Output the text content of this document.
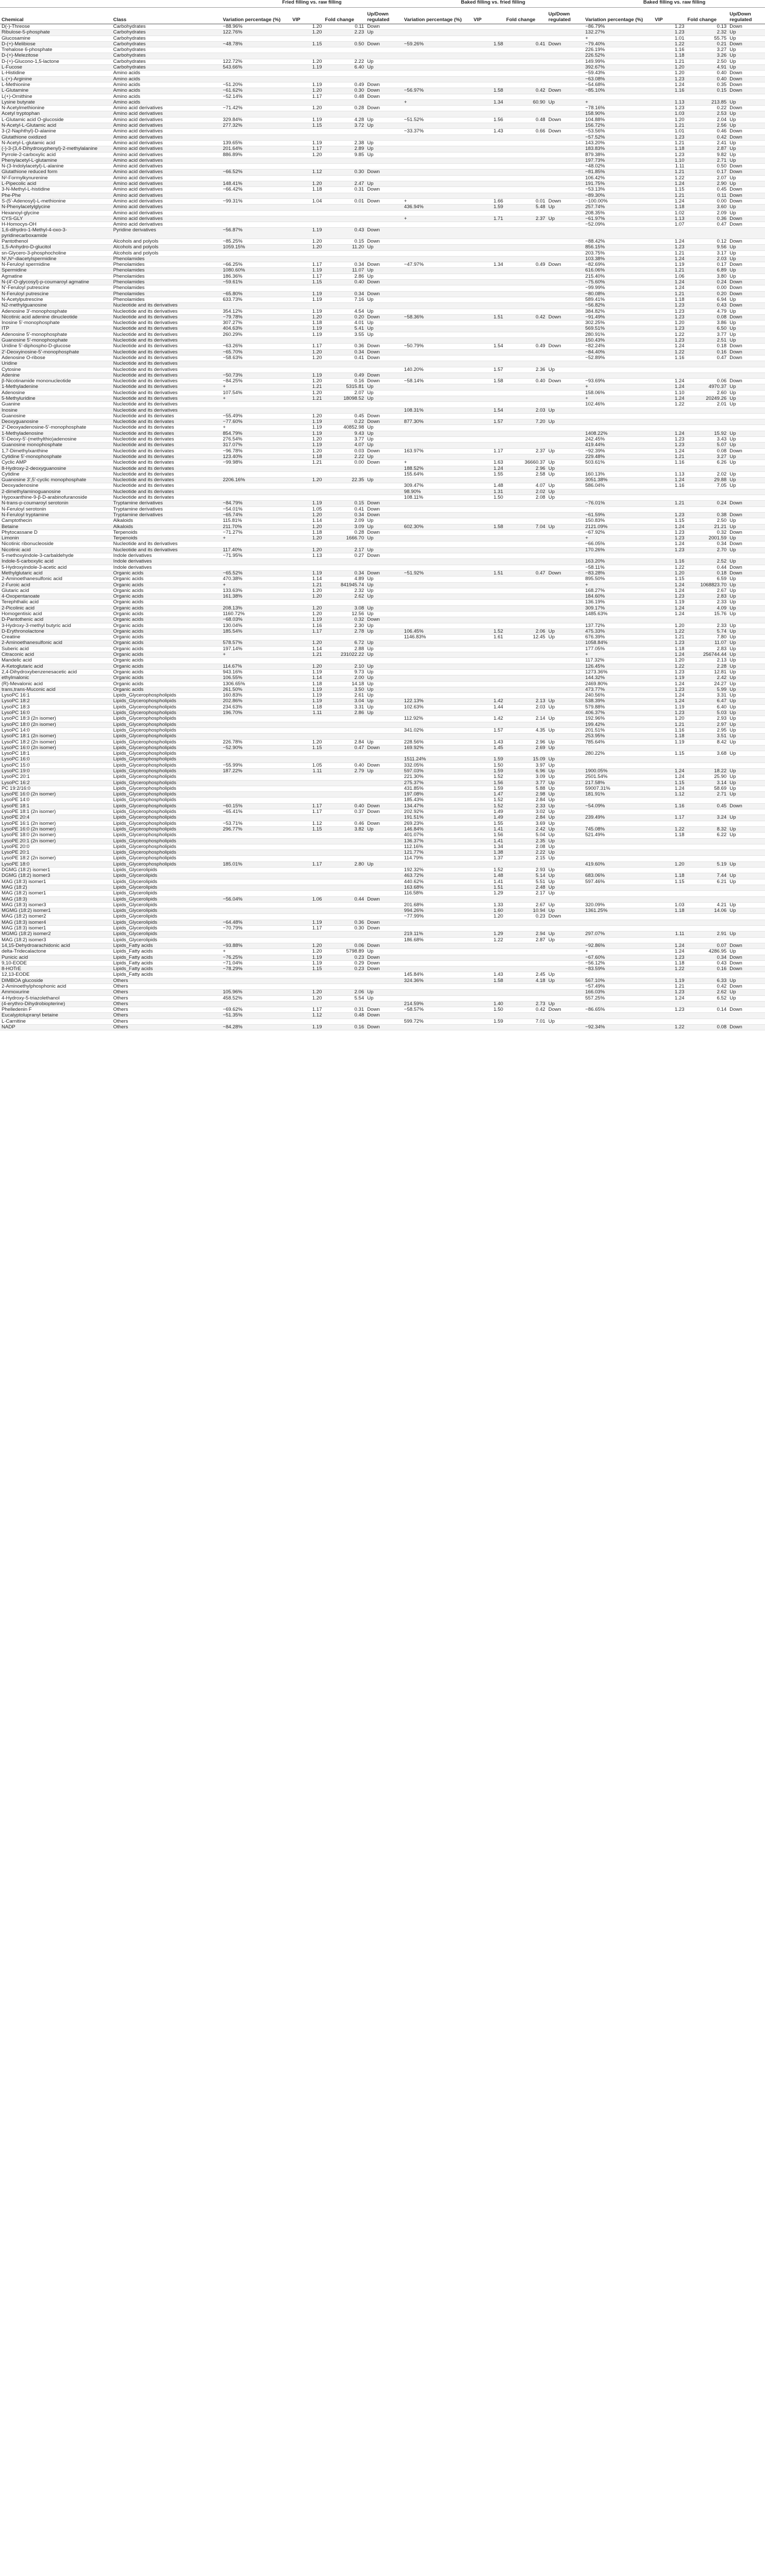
		Fried filling vs. raw filling				Baked filling vs. fried filling				Baked filling vs. raw filling			
Chemical	Class	Variation percentage (%)	VIP	Fold change	Up/Down regulated	Variation percentage (%)	VIP	Fold change	Up/Down regulated	Variation percentage (%)	VIP	Fold change	Up/Down regulated
D(-)-Threose	Carbohydrates	−88.96%	1.20	0.11	Down					−86.79%	1.23	0.13	Down
Ribulose-5-phosphate	Carbohydrates	122.76%	1.20	2.23	Up					132.27%	1.23	2.32	Up
Glucosamine	Carbohydrates									+	1.01	55.75	Up
D-(+)-Melibiose	Carbohydrates	−48.78%	1.15	0.50	Down	−59.26%	1.58	0.41	Down	−79.40%	1.22	0.21	Down
Trehalose 6-phosphate	Carbohydrates									226.19%	1.16	3.27	Up
D-(+)-Melezitose	Carbohydrates									226.52%	1.18	3.26	Up
D-(+)-Glucono-1,5-lactone	Carbohydrates	122.72%	1.20	2.22	Up					149.99%	1.21	2.50	Up
L-Fucose	Carbohydrates	543.66%	1.19	6.40	Up					392.67%	1.20	4.91	Up
L-Histidine	Amino acids									−59.43%	1.20	0.40	Down
L-(+)-Arginine	Amino acids									−63.08%	1.23	0.40	Down
L-Methionine	Amino acids	−51.20%	1.19	0.49	Down					−54.68%	1.24	0.35	Down
L-Glutamine	Amino acids	−61.62%	1.20	0.30	Down	−56.97%	1.58	0.42	Down	−85.10%	1.16	0.15	Down
L(+)-Ornithine	Amino acids	−52.14%	1.17	0.48	Down								
Lysine butyrate	Amino acids					+	1.34	60.90	Up	+	1.13	213.85	Up
N-Acetylmethionine	Amino acid derivatives	−71.42%	1.20	0.28	Down					−78.16%	1.23	0.22	Down
Acetyl tryptophan	Amino acid derivatives									158.90%	1.03	2.53	Up
L-Glutamic acid O-glucoside	Amino acid derivatives	329.84%	1.19	4.28	Up	−51.52%	1.56	0.48	Down	104.88%	1.20	2.04	Up
N-Acetyl-L-Glutamic acid	Amino acid derivatives	277.32%	1.15	3.72	Up					156.72%	1.21	2.56	Up
3-(2-Naphthyl)-D-alanine	Amino acid derivatives					−33.37%	1.43	0.66	Down	−53.56%	1.01	0.46	Down
Glutathione oxidized	Amino acid derivatives									−57.52%	1.23	0.42	Down
N-Acetyl-L-glutamic acid	Amino acid derivatives	139.65%	1.19	2.38	Up					143.20%	1.21	2.41	Up
(-)-3-(3,4-Dihydroxyphenyl)-2-methylalanine	Amino acid derivatives	201.64%	1.17	2.89	Up					183.83%	1.18	2.87	Up
Pyrrole-2-carboxylic acid	Amino acid derivatives	886.89%	1.20	9.85	Up					879.38%	1.23	9.82	Up
Phenylacetyl-L-glutamine	Amino acid derivatives									197.73%	1.10	2.71	Up
N-(3-Indolylacetyl)-L-alanine	Amino acid derivatives									−48.02%	1.11	0.50	Down
Glutathione reduced form	Amino acid derivatives	−66.52%	1.12	0.30	Down					−81.85%	1.21	0.17	Down
N²-Formylkynurenine	Amino acid derivatives									106.42%	1.22	2.07	Up
L-Pipecolic acid	Amino acid derivatives	148.41%	1.20	2.47	Up					191.75%	1.24	2.90	Up
3-N-Methyl-L-histidine	Amino acid derivatives	−66.42%	1.18	0.31	Down					−53.13%	1.15	0.45	Down
Phe-Phe	Amino acid derivatives									−89.30%	1.21	0.11	Down
S-(5'-Adenosyl)-L-methionine	Amino acid derivatives	−99.31%	1.04	0.01	Down	+	1.66	0.01	Down	−100.00%	1.24	0.00	Down
N-Phenylacetylglycine	Amino acid derivatives					436.94%	1.59	5.48	Up	257.74%	1.18	3.60	Up
Hexanoyl-glycine	Amino acid derivatives									208.35%	1.02	2.09	Up
CYS-GLY	Amino acid derivatives					+	1.71	2.37	Up	−61.97%	1.13	0.36	Down
H-Homocys-OH	Amino acid derivatives									−52.09%	1.07	0.47	Down
1,6-dihydro-1-Methyl-4-oxo-3-pyridinecarboxamide	Pyridine derivatives	−56.87%	1.19	0.43	Down								
Pantothenol	Alcohols and polyols	−85.25%	1.20	0.15	Down					−88.42%	1.24	0.12	Down
1,5-Anhydro-D-glucitol	Alcohols and polyols	1059.15%	1.20	11.20	Up					856.15%	1.23	9.56	Up
sn-Glycero-3-phosphocholine	Alcohols and polyols									203.75%	1.21	3.17	Up
N¹,N⁸-diacetylspermidine	Phenolamides									103.38%	1.24	2.03	Up
N-Feruloyl spermidine	Phenolamides	−66.25%	1.17	0.34	Down	−47.97%	1.34	0.49	Down	−82.69%	1.19	0.17	Down
Spermidine	Phenolamides	1080.60%	1.19	11.07	Up					616.06%	1.21	6.89	Up
Agmatine	Phenolamides	186.36%	1.17	2.86	Up					215.40%	1.06	3.80	Up
N-(4'-O-glycosyl)-p-coumaroyl agmatine	Phenolamides	−59.61%	1.15	0.40	Down					−75.60%	1.24	0.24	Down
N'-Feruloyl putrescine	Phenolamides									−99.99%	1.24	0.00	Down
N-Feruloyl putrescine	Phenolamides	−65.80%	1.19	0.34	Down					−80.08%	1.21	0.20	Down
N-Acetylputrescine	Phenolamides	633.73%	1.19	7.16	Up					589.41%	1.18	6.94	Up
N2-methylguanosine	Nucleotide and its derivatives									−56.82%	1.23	0.43	Down
Adenosine 3'-monophosphate	Nucleotide and its derivatives	354.12%	1.19	4.54	Up					384.82%	1.23	4.79	Up
Nicotinic acid adenine dinucleotide	Nucleotide and its derivatives	−79.78%	1.20	0.20	Down	−58.36%	1.51	0.42	Down	−91.49%	1.23	0.08	Down
Inosine 5'-monophosphate	Nucleotide and its derivatives	307.27%	1.18	4.01	Up					302.25%	1.20	3.86	Up
ITP	Nucleotide and its derivatives	404.63%	1.19	5.41	Up					569.51%	1.23	6.50	Up
Adenosine 5'-monophosphate	Nucleotide and its derivatives	260.29%	1.19	3.55	Up					280.91%	1.22	3.77	Up
Guanosine 5'-monophosphate	Nucleotide and its derivatives									150.43%	1.23	2.51	Up
Uridine 5'-diphospho-D-glucose	Nucleotide and its derivatives	−63.26%	1.17	0.36	Down	−50.79%	1.54	0.49	Down	−82.24%	1.24	0.18	Down
2'-Deoxyinosine-5'-monophosphate	Nucleotide and its derivatives	−65.70%	1.20	0.34	Down					−84.40%	1.22	0.16	Down
Adenosine O-ribose	Nucleotide and its derivatives	−58.63%	1.20	0.41	Down					−52.89%	1.16	0.47	Down
Uridine	Nucleotide and its derivatives												
Cytosine	Nucleotide and its derivatives					140.20%	1.57	2.36	Up				
Adenine	Nucleotide and its derivatives	−50.73%	1.19	0.49	Down								
β-Nicotinamide mononucleotide	Nucleotide and its derivatives	−84.25%	1.20	0.16	Down	−58.14%	1.58	0.40	Down	−93.69%	1.24	0.06	Down
1-Methyladenine	Nucleotide and its derivatives	+	1.21	5315.81	Up					+	1.24	4970.37	Up
Adenosine	Nucleotide and its derivatives	107.54%	1.20	2.07	Up					158.06%	1.10	2.60	Up
5-Methyluridine	Nucleotide and its derivatives	+	1.21	18098.52	Up					+	1.24	20249.26	Up
Guanine	Nucleotide and its derivatives									102.46%	1.22	2.01	Up
Inosine	Nucleotide and its derivatives					108.31%	1.54	2.03	Up				
Guanosine	Nucleotide and its derivates	−55.49%	1.20	0.45	Down								
Deoxyguanosine	Nucleotide and its derivates	−77.60%	1.19	0.22	Down	877.30%	1.57	7.20	Up				
2'-Deoxyadenosine-5'-monophosphate	Nucleotide and its derivates	+	1.19	40852.98	Up								
1-Methyladenosine	Nucleotide and its derivates	854.79%	1.19	9.43	Up					1408.22%	1.24	15.92	Up
5'-Deoxy-5'-(methylthio)adenosine	Nucleotide and its derivates	276.54%	1.20	3.77	Up					242.45%	1.23	3.43	Up
Guanosine monophosphate	Nucleotide and its derivates	317.07%	1.19	4.07	Up					419.44%	1.23	5.07	Up
1,7-Dimethylxanthine	Nucleotide and its derivates	−96.78%	1.20	0.03	Down	163.97%	1.17	2.37	Up	−92.39%	1.24	0.08	Down
Cytidine 5'-monophosphate	Nucleotide and its derivates	123.40%	1.18	2.22	Up					229.48%	1.21	3.27	Up
Cyclic AMP	Nucleotide and its derivates	−99.98%	1.21	0.00	Down	+	1.63	36660.37	Up	503.61%	1.16	6.26	Up
8-Hydroxy-2-deoxyguanosine	Nucleotide and its derivates					188.52%	1.24	2.96	Up				
Cytidine	Nucleotide and its derivates					155.64%	1.55	2.58	Up	160.13%	1.13	2.02	Up
Guanosine 3',5'-cyclic monophosphate	Nucleotide and its derivates	2206.16%	1.20	22.35	Up					3051.38%	1.24	29.88	Up
Deoxyadenosine	Nucleotide and its derivates					309.47%	1.48	4.07	Up	586.04%	1.16	7.05	Up
2-dimethylaminoguanosine	Nucleotide and its derivates					98.90%	1.31	2.02	Up				
Hypoxanthine-9-β-D-arabinofuranoside	Nucleotide and its derivates					108.11%	1.50	2.08	Up				
N-trans-p-coumaroyl serotonin	Tryptamine derivatives	−84.79%	1.19	0.15	Down					−76.01%	1.21	0.24	Down
N-Feruloyl serotonin	Tryptamine derivatives	−54.01%	1.05	0.41	Down								
N-Feruloyl tryptamine	Tryptamine derivatives	−65.74%	1.20	0.34	Down					−61.59%	1.23	0.38	Down
Camptothecin	Alkaloids	115.81%	1.14	2.09	Up					150.83%	1.15	2.50	Up
Betaine	Alkaloids	211.70%	1.20	3.09	Up	602.30%	1.58	7.04	Up	2121.09%	1.24	21.21	Up
Phytocassane D	Terpenoids	−71.27%	1.18	0.28	Down					−67.92%	1.23	0.32	Down
Limonin	Terpenoids	+	1.20	1666.70	Up					+	1.23	2001.59	Up
Nicotinic ribonucleoside	Nucleotide and its derivatives									−66.05%	1.24	0.34	Down
Nicotinic acid	Nucleotide and its derivatives	117.40%	1.20	2.17	Up					170.26%	1.23	2.70	Up
5-methoxyindole-3-carbaldehyde	Indole derivatives	−71.95%	1.13	0.27	Down								
Indole-5-carboxylic acid	Indole derivatives									163.20%	1.16	2.52	Up
5-Hydroxyindole-3-acetic acid	Indole derivatives									−58.11%	1.22	0.44	Down
Methylglutaric acid	Organic acids	−65.52%	1.19	0.34	Down	−51.92%	1.51	0.47	Down	−83.28%	1.20	0.18	Down
2-Aminoethanesulfonic acid	Organic acids	470.38%	1.14	4.89	Up					895.50%	1.15	6.59	Up
2-Furoic acid	Organic acids	+	1.21	841945.74	Up					+	1.24	1068823.70	Up
Glutaric acid	Organic acids	133.63%	1.20	2.32	Up					168.27%	1.24	2.67	Up
4-Oxopentanoate	Organic acids	161.38%	1.20	2.62	Up					184.60%	1.23	2.83	Up
Terephthalic acid	Organic acids									136.19%	1.19	2.33	Up
2-Picolinic acid	Organic acids	208.13%	1.20	3.08	Up					309.17%	1.24	4.09	Up
Homogentisic acid	Organic acids	1160.72%	1.20	12.56	Up					1485.63%	1.24	15.76	Up
D-Pantothenic acid	Organic acids	−68.03%	1.19	0.32	Down								
3-Hydroxy-3-methyl butyric acid	Organic acids	130.04%	1.16	2.30	Up					137.72%	1.20	2.33	Up
D-Erythronolactone	Organic acids	185.54%	1.17	2.78	Up	106.45%	1.52	2.06	Up	475.33%	1.22	5.74	Up
Creatine	Organic acids					1146.83%	1.61	12.45	Up	676.39%	1.21	7.80	Up
2-Aminoethanesulfonic acid	Organic acids	578.57%	1.20	6.72	Up					1058.84%	1.23	11.07	Up
Suberic acid	Organic acids	197.14%	1.14	2.88	Up					177.05%	1.18	2.83	Up
Citraconic acid	Organic acids	+	1.21	231022.22	Up					+	1.24	256744.44	Up
Mandelic acid	Organic acids									117.32%	1.20	2.13	Up
A-Ketoglutaric acid	Organic acids	114.67%	1.20	2.10	Up					126.45%	1.22	2.28	Up
2,4-Dihydroxybenzenesacetic acid	Organic acids	943.16%	1.19	9.73	Up					1273.36%	1.23	12.81	Up
ethylmalonic	Organic acids	106.55%	1.14	2.00	Up					144.32%	1.19	2.42	Up
(R)-Mevalonic acid	Organic acids	1306.65%	1.18	14.18	Up					2469.80%	1.24	24.27	Up
trans,trans-Muconic acid	Organic acids	261.50%	1.19	3.50	Up					473.77%	1.23	5.99	Up
LysoPC 16:1	Lipids_Glycerophospholipids	160.83%	1.19	2.61	Up					240.56%	1.24	3.31	Up
LysoPC 18:2	Lipids_Glycerophospholipids	202.86%	1.19	3.04	Up	122.13%	1.42	2.13	Up	538.39%	1.24	6.47	Up
LysoPC 18:3	Lipids_Glycerophospholipids	234.63%	1.18	3.31	Up	102.63%	1.44	2.03	Up	579.88%	1.19	6.40	Up
LysoPC 16:0	Lipids_Glycerophospholipids	196.70%	1.11	2.86	Up					406.37%	1.23	5.03	Up
LysoPC 18:3 (2n isomer)	Lipids_Glycerophospholipids					112.92%	1.42	2.14	Up	192.96%	1.20	2.93	Up
LysoPC 18:0 (2n isomer)	Lipids_Glycerophospholipids									199.42%	1.21	2.97	Up
LysoPC 14:0	Lipids_Glycerophospholipids					341.02%	1.57	4.35	Up	201.51%	1.16	2.95	Up
LysoPC 18:1 (2n isomer)	Lipids_Glycerophospholipids									253.95%	1.18	3.51	Up
LysoPC 18:2 (2n isomer)	Lipids_Glycerophospholipids	226.78%	1.20	2.84	Up	228.56%	1.43	2.96	Up	785.64%	1.19	8.42	Up
LysoPC 16:0 (2n isomer)	Lipids_Glycerophospholipids	−52.90%	1.15	0.47	Down	169.92%	1.45	2.69	Up				
LysoPC 18:1	Lipids_Glycerophospholipids									280.22%	1.15	3.68	Up
LysoPC 16:0	Lipids_Glycerophospholipids					1511.24%	1.59	15.09	Up				
LysoPC 15:0	Lipids_Glycerophospholipids	−55.99%	1.05	0.40	Down	332.05%	1.50	3.97	Up				
LysoPC 19:0	Lipids_Glycerophospholipids	187.22%	1.11	2.79	Up	597.03%	1.59	6.96	Up	1900.05%	1.24	18.22	Up
LysoPC 20:1	Lipids_Glycerophospholipids					221.30%	1.52	3.09	Up	2501.54%	1.24	25.90	Up
LysoPC 16:2	Lipids_Glycerophospholipids					275.37%	1.56	3.77	Up	217.58%	1.15	3.14	Up
PC 19:2/16:0	Lipids_Glycerophospholipids					431.85%	1.59	5.88	Up	59007.31%	1.24	58.69	Up
LysoPE 16:0 (2n isomer)	Lipids_Glycerophospholipids					197.08%	1.47	2.98	Up	181.91%	1.12	2.71	Up
LysoPE 14:0	Lipids_Glycerophospholipids					185.43%	1.52	2.84	Up				
LysoPE 18:1	Lipids_Glycerophospholipids	−60.15%	1.17	0.40	Down	134.47%	1.52	2.33	Up	−54.09%	1.16	0.45	Down
LysoPE 18:1 (2n isomer)	Lipids_Glycerophospholipids	−65.41%	1.17	0.37	Down	202.92%	1.49	3.02	Up				
LysoPE 20:4	Lipids_Glycerophospholipids					191.51%	1.49	2.84	Up	239.49%	1.17	3.24	Up
LysoPE 16:1 (2n isomer)	Lipids_Glycerophospholipids	−53.71%	1.12	0.46	Down	269.23%	1.55	3.69	Up				
LysoPE 16:0 (2n isomer)	Lipids_Glycerophospholipids	296.77%	1.15	3.82	Up	146.84%	1.41	2.42	Up	745.08%	1.22	8.32	Up
LysoPE 18:0 (2n isomer)	Lipids_Glycerophospholipids					401.07%	1.56	5.04	Up	521.49%	1.18	6.22	Up
LysoPE 20:1 (2n isomer)	Lipids_Glycerophospholipids					136.37%	1.41	2.35	Up				
LysoPE 20:0	Lipids_Glycerophospholipids					112.16%	1.34	2.08	Up				
LysoPE 20:1	Lipids_Glycerophospholipids					121.77%	1.38	2.22	Up				
LysoPE 18:2 (2n isomer)	Lipids_Glycerophospholipids					114.79%	1.37	2.15	Up				
LysoPE 18:0	Lipids_Glycerophospholipids	185.01%	1.17	2.80	Up					419.60%	1.20	5.19	Up
DGMG (18:2) isomer1	Lipids_Glycerolipids					192.32%	1.52	2.93	Up				
DGMG (18:2) isomer3	Lipids_Glycerolipids					463.72%	1.48	5.14	Up	683.06%	1.18	7.44	Up
MAG (18:3) isomer1	Lipids_Glycerolipids					440.62%	1.41	5.51	Up	597.46%	1.15	6.21	Up
MAG (18:2)	Lipids_Glycerolipids					163.68%	1.51	2.48	Up				
MAG (18:2) isomer1	Lipids_Glycerolipids					116.58%	1.29	2.17	Up				
MAG (18:3)	Lipids_Glycerolipids	−56.04%	1.06	0.44	Down								
MAG (18:3) isomer3	Lipids_Glycerolipids					201.68%	1.33	2.67	Up	320.09%	1.03	4.21	Up
MGMG (18:2) isomer1	Lipids_Glycerolipids					994.26%	1.60	10.94	Up	1361.25%	1.18	14.06	Up
MAG (18:2) isomer2	Lipids_Glycerolipids					−77.99%	1.20	0.23	Down				
MAG (18:3) isomer4	Lipids_Glycerolipids	−64.48%	1.19	0.36	Down								
MAG (18:3) isomer1	Lipids_Glycerolipids	−70.79%	1.17	0.30	Down								
MGMG (18:2) isomer2	Lipids_Glycerolipids					219.11%	1.29	2.94	Up	297.07%	1.11	2.91	Up
MAG (18:2) isomer3	Lipids_Glycerolipids					186.68%	1.22	2.87	Up				
14,15-Dehydroarachidonic acid	Lipids_Fatty acids	−93.88%	1.20	0.06	Down					−92.86%	1.24	0.07	Down
delta-Tridecalactone	Lipids_Fatty acids	+	1.20	5798.89	Up					+	1.24	4286.95	Up
Punicic acid	Lipids_Fatty acids	−76.25%	1.19	0.23	Down					−67.60%	1.23	0.34	Down
9,10-EODE	Lipids_Fatty acids	−71.04%	1.19	0.29	Down					−56.12%	1.18	0.43	Down
8-HOTrE	Lipids_Fatty acids	−78.29%	1.15	0.23	Down					−83.59%	1.22	0.16	Down
12,13-EODE	Lipids_Fatty acids					145.84%	1.43	2.45	Up				
DIMBOA glucoside	Others					324.36%	1.58	4.18	Up	567.10%	1.19	6.33	Up
2-Aminoethylphosphonic acid	Others									−57.49%	1.21	0.42	Down
Ammoxurine	Others	105.96%	1.20	2.06	Up					166.03%	1.23	2.62	Up
4-Hydroxy-5-triazolethanol	Others	458.52%	1.20	5.54	Up					557.25%	1.24	6.52	Up
(4-erythro-Dihydrobiopterine)	Others					214.59%	1.40	2.73	Up				
Phelledenin F	Others	−69.62%	1.17	0.31	Down	−58.57%	1.50	0.42	Down	−86.65%	1.23	0.14	Down
Eucalyptolupranyl betaine	Others	−51.35%	1.12	0.48	Down								
L-Carnitine	Others					599.72%	1.59	7.01	Up				
NADP	Others	−84.28%	1.19	0.16	Down					−92.34%	1.22	0.08	Down
